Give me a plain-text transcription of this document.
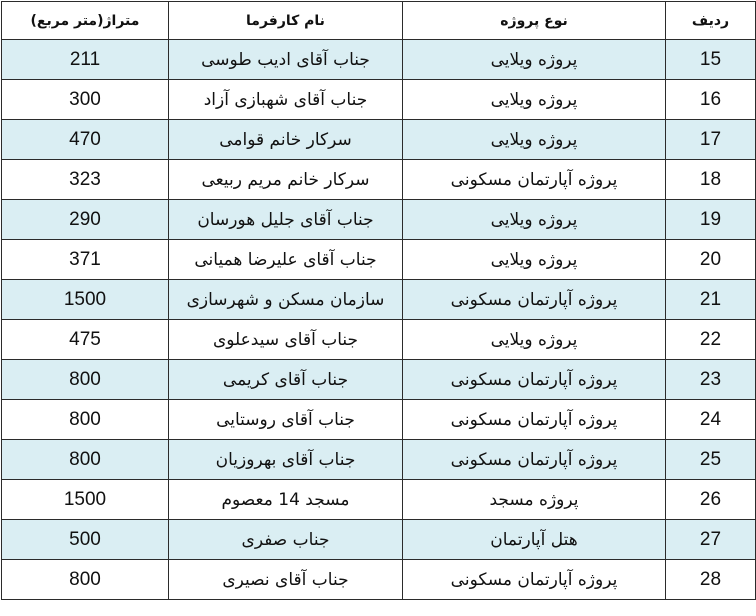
ردیف	نوع پروژه	نام کارفرما	متراژ(متر مربع)
15	پروژه ویلایی	جناب آقای ادیب طوسی	211
16	پروژه ویلایی	جناب آقای شهبازی آزاد	300
17	پروژه ویلایی	سرکار خانم قوامی	470
18	پروژه آپارتمان مسکونی	سرکار خانم مریم ربیعی	323
19	پروژه ویلایی	جناب آقای جلیل هورسان	290
20	پروژه ویلایی	جناب آقای علیرضا همیانی	371
21	پروژه آپارتمان مسکونی	سازمان مسکن و شهرسازی	1500
22	پروژه ویلایی	جناب آقای سیدعلوی	475
23	پروژه آپارتمان مسکونی	جناب آقای کریمی	800
24	پروژه آپارتمان مسکونی	جناب آقای روستایی	800
25	پروژه آپارتمان مسکونی	جناب آقای بهروزیان	800
26	پروژه مسجد	مسجد 14 معصوم	1500
27	هتل آپارتمان	جناب صفری	500
28	پروژه آپارتمان مسکونی	جناب آقای نصیری	800
